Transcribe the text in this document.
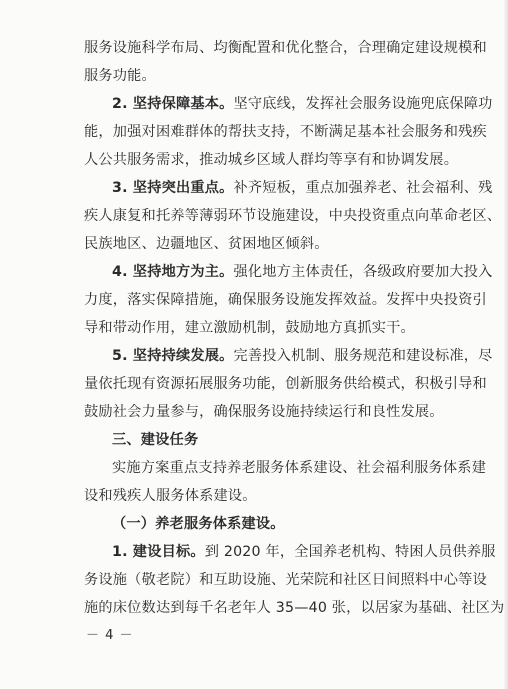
服务设施科学布局、均衡配置和优化整合，合理确定建设规模和
服务功能。
2. 坚持保障基本。坚守底线，发挥社会服务设施兜底保障功
能，加强对困难群体的帮扶支持，不断满足基本社会服务和残疾
人公共服务需求，推动城乡区域人群均等享有和协调发展。
3. 坚持突出重点。补齐短板，重点加强养老、社会福利、残
疾人康复和托养等薄弱环节设施建设，中央投资重点向革命老区、
民族地区、边疆地区、贫困地区倾斜。
4. 坚持地方为主。强化地方主体责任，各级政府要加大投入
力度，落实保障措施，确保服务设施发挥效益。发挥中央投资引
导和带动作用，建立激励机制，鼓励地方真抓实干。
5. 坚持持续发展。完善投入机制、服务规范和建设标准，尽
量依托现有资源拓展服务功能，创新服务供给模式，积极引导和
鼓励社会力量参与，确保服务设施持续运行和良性发展。
三、建设任务
实施方案重点支持养老服务体系建设、社会福利服务体系建
设和残疾人服务体系建设。
（一）养老服务体系建设。
1. 建设目标。到 2020 年，全国养老机构、特困人员供养服
务设施（敬老院）和互助设施、光荣院和社区日间照料中心等设
施的床位数达到每千名老年人 35—40 张，以居家为基础、社区为
－ 4 －
